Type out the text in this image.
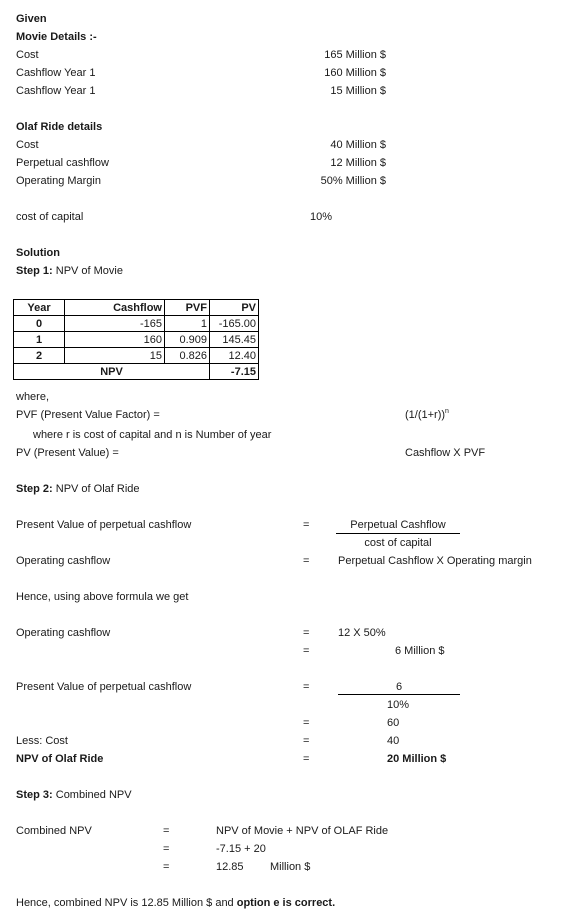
Given
Movie Details :-
Cost	165 Million $
Cashflow Year 1	160 Million $
Cashflow Year 1	15 Million $
Olaf Ride details
Cost	40 Million $
Perpetual cashflow	12 Million $
Operating Margin	50% Million $
cost of capital	10%
Solution
Step 1: NPV of Movie
Year	Cashflow	PVF	PV
0	-165	1	-165.00
1	160	0.909	145.45
2	15	0.826	12.40
NPV			-7.15
where,
PVF (Present Value Factor) =	$(1/(1+r))^n$
where r is cost of capital and n is Number of year
PV (Present Value) =	Cashflow X PVF
Step 2: NPV of Olaf Ride
Present Value of perpetual cashflow	=	Perpetual Cashflow
cost of capital
Operating cashflow	=	Perpetual Cashflow X Operating margin
Hence, using above formula we get
Operating cashflow	=	12 X 50%
=	6 Million $
Present Value of perpetual cashflow	=	6
10%
=	60
Less: Cost	=	40
NPV of Olaf Ride	=	20 Million $
Step 3: Combined NPV
Combined NPV	=	NPV of Movie + NPV of OLAF Ride
=	-7.15 + 20
=	12.85 Million $
Hence, combined NPV is 12.85 Million $ and option e is correct.
